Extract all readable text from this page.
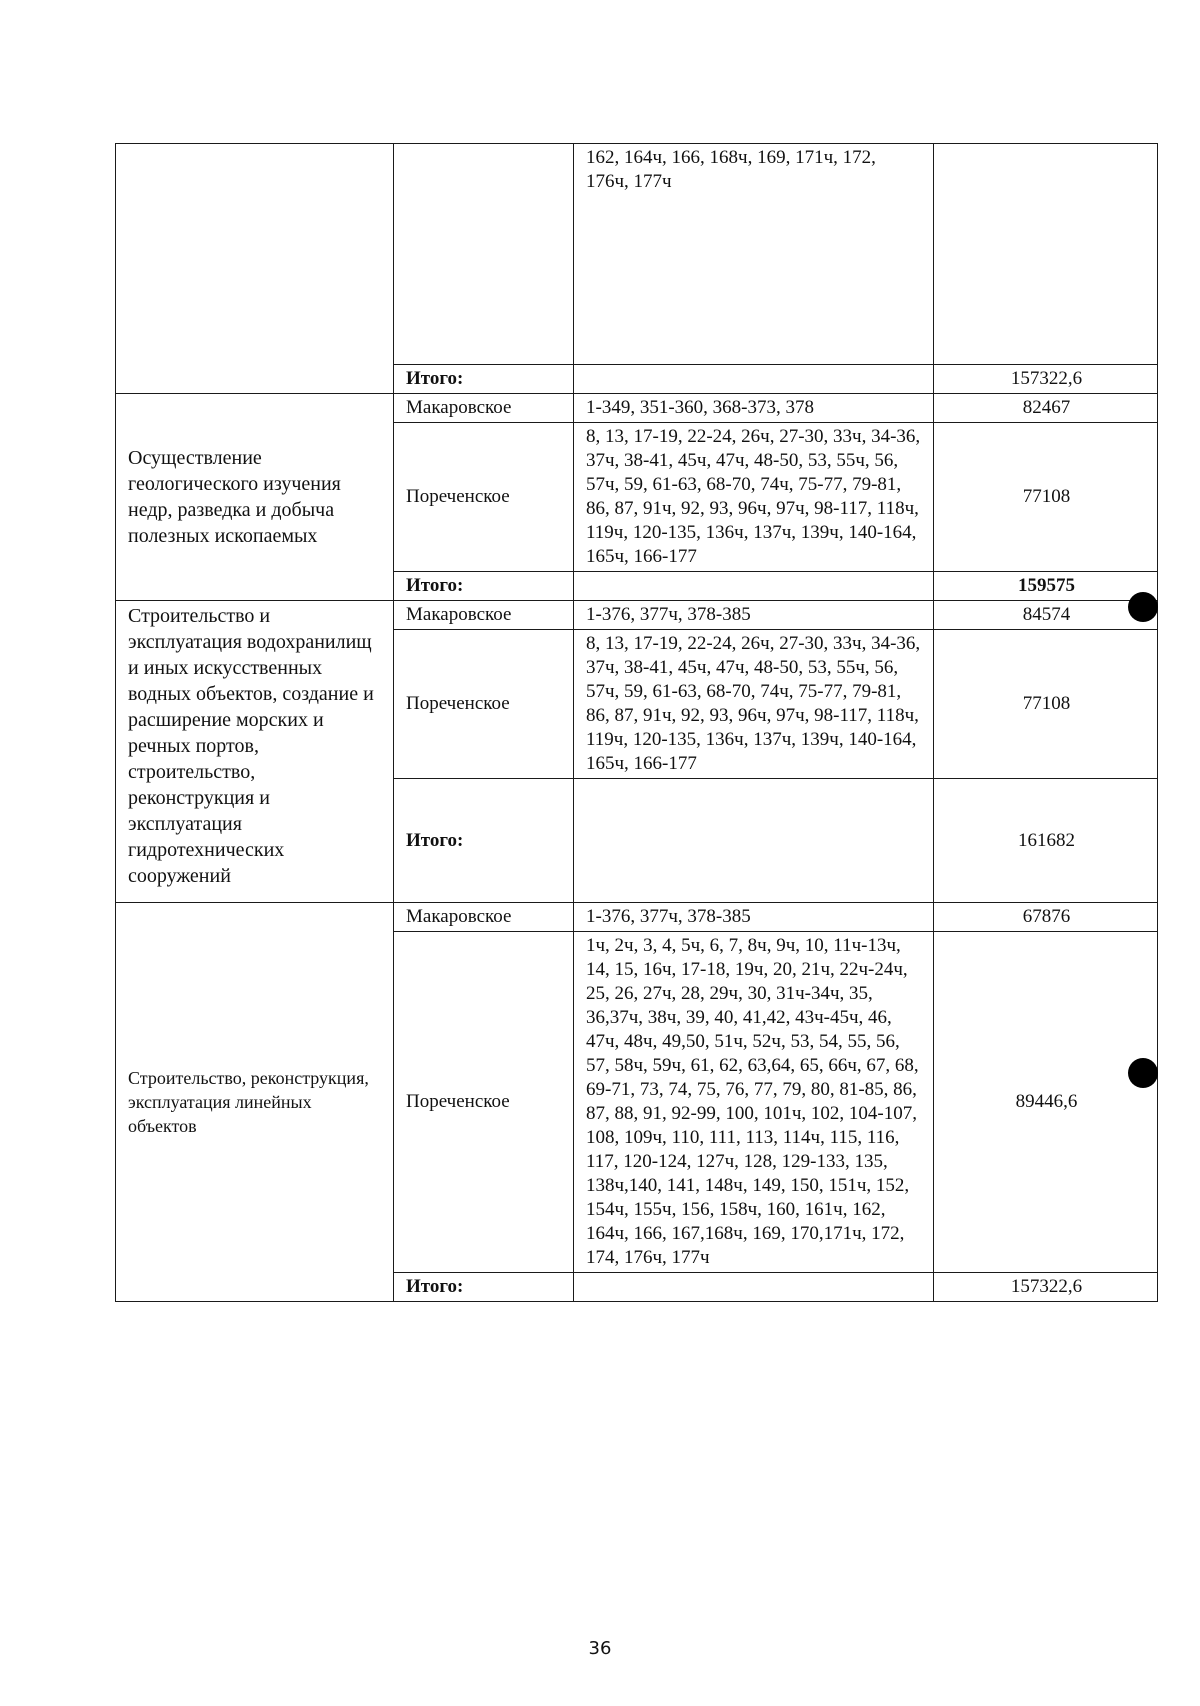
		162, 164ч, 166, 168ч, 169, 171ч, 172, 176ч, 177ч	
	Итого:		157322,6
Осуществление геологического изучения недр, разведка и добыча полезных ископаемых	Макаровское	1-349, 351-360, 368-373, 378	82467
	Пореченское	8, 13, 17-19, 22-24, 26ч, 27-30, 33ч, 34-36, 37ч, 38-41, 45ч, 47ч, 48-50, 53, 55ч, 56, 57ч, 59, 61-63, 68-70, 74ч, 75-77, 79-81, 86, 87, 91ч, 92, 93, 96ч, 97ч, 98-117, 118ч, 119ч, 120-135, 136ч, 137ч, 139ч, 140-164, 165ч, 166-177	77108
	Итого:		159575
Строительство и эксплуатация водохранилищ и иных искусственных водных объектов, создание и расширение морских и речных портов, строительство, реконструкция и эксплуатация гидротехнических сооружений	Макаровское	1-376, 377ч, 378-385	84574
	Пореченское	8, 13, 17-19, 22-24, 26ч, 27-30, 33ч, 34-36, 37ч, 38-41, 45ч, 47ч, 48-50, 53, 55ч, 56, 57ч, 59, 61-63, 68-70, 74ч, 75-77, 79-81, 86, 87, 91ч, 92, 93, 96ч, 97ч, 98-117, 118ч, 119ч, 120-135, 136ч, 137ч, 139ч, 140-164, 165ч, 166-177	77108
	Итого:		161682
Строительство, реконструкция, эксплуатация линейных объектов	Макаровское	1-376, 377ч, 378-385	67876
	Пореченское	1ч, 2ч, 3, 4, 5ч, 6, 7, 8ч, 9ч, 10, 11ч-13ч, 14, 15, 16ч, 17-18, 19ч, 20, 21ч, 22ч-24ч, 25, 26, 27ч, 28, 29ч, 30, 31ч-34ч, 35, 36,37ч, 38ч, 39, 40, 41,42, 43ч-45ч, 46, 47ч, 48ч, 49,50, 51ч, 52ч, 53, 54, 55, 56, 57, 58ч, 59ч, 61, 62, 63,64, 65, 66ч, 67, 68, 69-71, 73, 74, 75, 76, 77, 79, 80, 81-85, 86, 87, 88, 91, 92-99, 100, 101ч, 102, 104-107, 108, 109ч, 110, 111, 113, 114ч, 115, 116, 117, 120-124, 127ч, 128, 129-133, 135, 138ч,140, 141, 148ч, 149, 150, 151ч, 152, 154ч, 155ч, 156, 158ч, 160, 161ч, 162, 164ч, 166, 167,168ч, 169, 170,171ч, 172, 174, 176ч, 177ч	89446,6
	Итого:		157322,6
36
